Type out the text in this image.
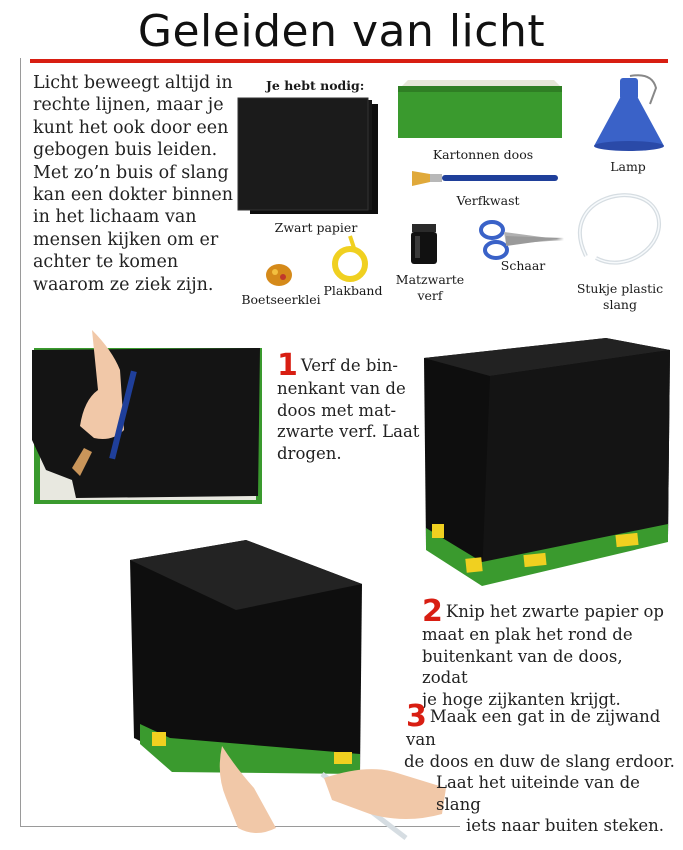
Geleiden van licht
Licht beweegt altijd in rechte lijnen, maar je kunt het ook door een gebogen buis leiden. Met zo’n buis of slang kan een dokter binnen in het lichaam van mensen kijken om er achter te komen waarom ze ziek zijn.
Je hebt nodig:
Zwart papier
Kartonnen doos
Lamp
Verfkwast
Schaar
Stukje plastic
slang
Boetseerklei
Plakband
Matzwarte
verf
1 Verf de bin-
nenkant van de
doos met mat-
zwarte verf. Laat
drogen.
2 Knip het zwarte papier op
maat en plak het rond de
buitenkant van de doos, zodat
je hoge zijkanten krijgt.
3 Maak een gat in de zijwand van
de doos en duw de slang erdoor.
Laat het uiteinde van de slang
iets naar buiten steken.
